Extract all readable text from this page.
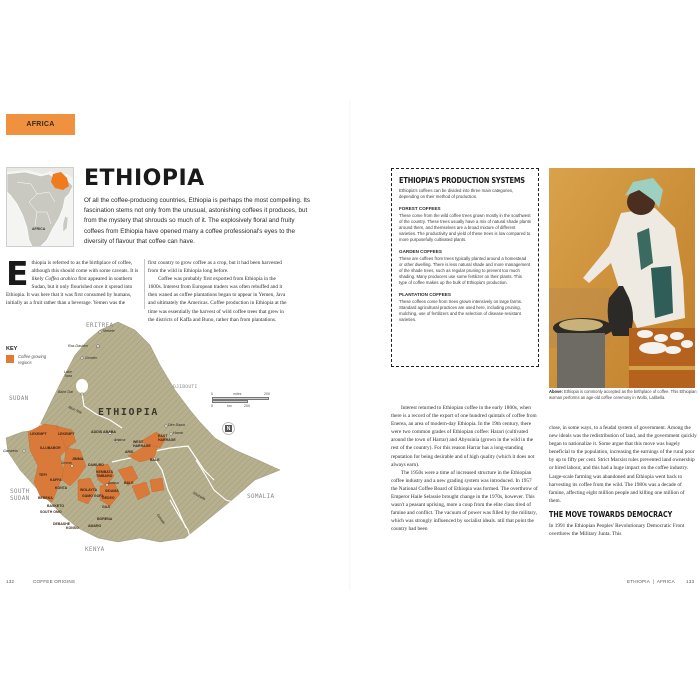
AFRICA
AFRICA
ETHIOPIA
Of all the coffee-producing countries, Ethiopia is perhaps the most compelling. Its fascination stems not only from the unusual, astonishing coffees it produces, but from the mystery that shrouds so much of it. The explosively floral and fruity coffees from Ethiopia have opened many a coffee professional's eyes to the diversity of flavour that coffee can have.
Ethiopia is referred to as the birthplace of coffee, although this should come with some caveats. It is likely Coffea arabica first appeared in southern Sudan, but it only flourished once it spread into Ethiopia. It was here that it was first consumed by humans, initially as a fruit rather than a beverage. Yemen was the

first country to grow coffee as a crop, but it had been harvested from the wild in Ethiopia long before.

Coffee was probably first exported from Ethiopia in the 1600s. Interest from European traders was often rebuffed and it then waned as coffee plantations began to appear in Yemen, Java and ultimately the Americas. Coffee production in Ethiopia at the time was essentially the harvest of wild coffee trees that grew in the districts of Kaffa and Buno, rather than from plantations.

ERITREA
SUDAN
DJIBOUTI
SOUTH SUDAN	SOMALIA
KENYA
ETHIOPIA
Ras Dashen
Mekele
Gonder
Lake Tana
Bahir Dar
Blue Nile
ADDIS ABABA
Adama
Gambela
Jimma
Awasa
Dire Dawa
Harrar
Shebelle
Genale
LEKEMPT	LEKEMPT
ILLUBABOR
JIMMA
TEPI
KAFFA
KONTA
BEBEKA
BASKETO
SOUTH OMO
DEBASHE
KONSO
DAWURO
KEMBATA TIMBARO
WOLAYTA
GAMO GOFA
SIDAMA
GEDEO
GUJI
BORENA
AMARO
ARSI
BALE
BALE
WEST HARRAGE
EAST HARRAGE
KEY
Coffee growing regions
0	miles	200
0	km	200
N
ETHIOPIA'S PRODUCTION SYSTEMS

Ethiopia's coffees can be divided into three main categories, depending on their method of production.

FOREST COFFEES

These come from the wild coffee trees grown mostly in the southwest of the country. These trees usually have a mix of natural shade plants around them, and themselves are a broad mixture of different varieties. The productivity and yield of these trees is low compared to more purposefully cultivated plants.

GARDEN COFFEES

These are coffees from trees typically planted around a homestead or other dwelling. There is less natural shade and more management of the shade trees, such as regular pruning to prevent too much shading. Many producers use some fertilizer on their plants. This type of coffee makes up the bulk of Ethiopia's production.

PLANTATION COFFEES

These coffees come from trees grown intensively on large farms. Standard agricultural practices are used here, including pruning, mulching, use of fertilizers and the selection of disease-resistant varieties.

Above: Ethiopia is commonly accepted as the birthplace of coffee. This Ethiopian woman performs an age-old coffee ceremony in Wollo, Lalibella.

Interest returned to Ethiopian coffee in the early 1800s, when there is a record of the export of one hundred quintals of coffee from Enerea, an area of modern-day Ethiopia. In the 19th century, there were two common grades of Ethiopian coffee: Harari (cultivated around the town of Harrar) and Abyssinia (grown in the wild in the rest of the country). For this reason Harrar has a long-standing reputation for being desirable and of high quality (which it does not always earn).

The 1950s were a time of increased structure in the Ethiopian coffee industry and a new grading system was introduced. In 1957 the National Coffee Board of Ethiopia was formed. The overthrow of Emperor Haile Selassie brought change in the 1970s, however. This wasn't a peasant uprising, more a coup from the elite class tired of famine and conflict. The vacuum of power was filled by the military, which was strongly influenced by socialist ideals. ntil that point the country had been

close, in some ways, to a feudal system of government. Among the new ideals was the redistribution of land, and the government quickly began to nationalize it. Some argue that this move was hugely beneficial to the population, increasing the earnings of the rural poor by up to fifty per cent. Strict Marxist rules prevented land ownership or hired labour, and this had a huge impact on the coffee industry. Large-scale farming was abandoned and Ethiopia went back to harvesting its coffee from the wild. The 1980s was a decade of famine, affecting eight million people and killing one million of them.

THE MOVE TOWARDS DEMOCRACY

In 1991 the Ethiopian Peoples' Revolutionary Democratic Front overthrew the Military Junta. This

132	COFFEE ORIGINS	ETHIOPIA  |  AFRICA 133
